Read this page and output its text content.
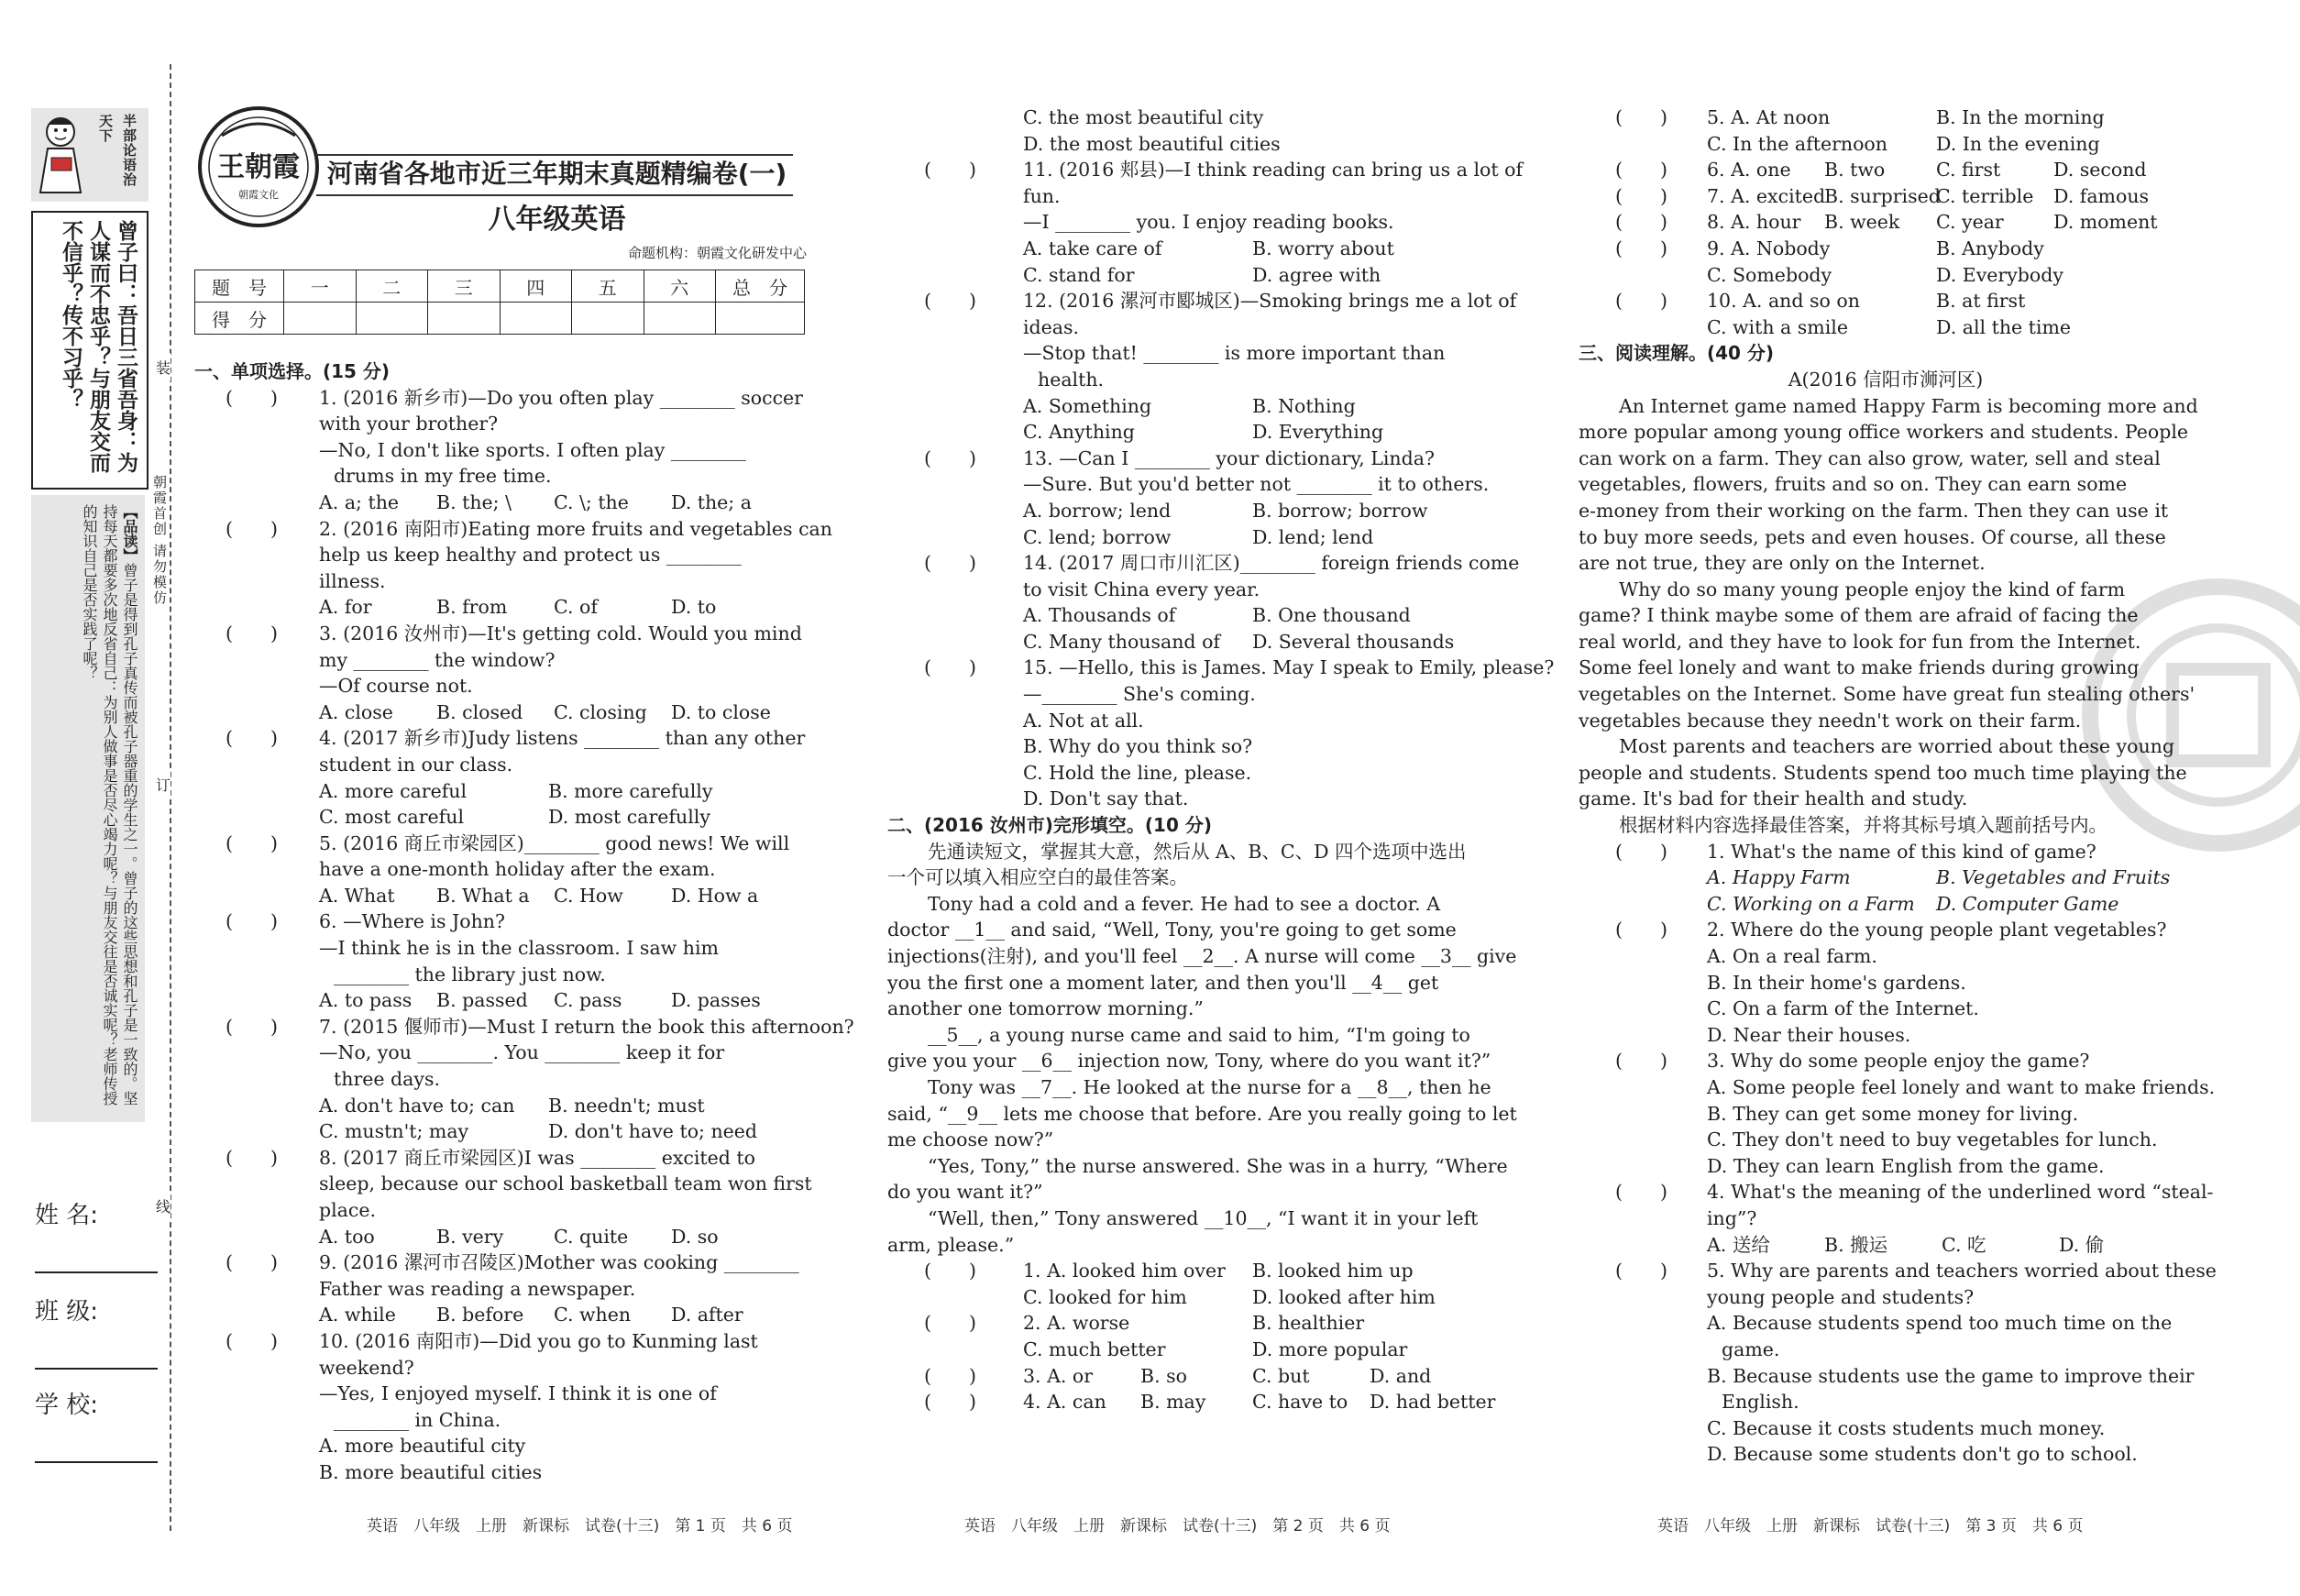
半部论语治天下
曾子曰：吾日三省吾身：为人谋而不忠乎？与朋友交而不信乎？传不习乎？
【品读】曾子是得到孔子真传而被孔子器重的学生之一。曾子的这些思想和孔子是一致的。坚持每天都要多次地反省自己：为别人做事是否尽心竭力呢？与朋友交往是否诚实呢？老师传授的知识自己是否实践了呢？
姓 名:
班 级:
学 校:
装
订
线
朝霞首创 请勿模仿
王朝霞
朝霞文化
河南省各地市近三年期末真题精编卷(一)
八年级英语
命题机构：朝霞文化研发中心
题　号	一	二	三	四	五	六	总　分
得　分							
一、单项选择。(15 分)
(　　) 1. (2016 新乡市)—Do you often play ________ soccer
with your brother?
—No, I don't like sports. I often play ________
drums in my free time.
A. a; the B. the; \ C. \; the D. the; a
(　　) 2. (2016 南阳市)Eating more fruits and vegetables can
help us keep healthy and protect us ________
illness.
A. for	B. from C. of	D. to
(　　) 3. (2016 汝州市)—It's getting cold. Would you mind
my ________ the window?
—Of course not.
A. close B. closed C. closing D. to close
(　　) 4. (2017 新乡市)Judy listens ________ than any other
student in our class.
A. more careful	B. more carefully
C. most careful	D. most carefully
(　　) 5. (2016 商丘市梁园区)________ good news! We will
have a one-month holiday after the exam.
A. What B. What a C. How	D. How a
(　　) 6. —Where is John?
—I think he is in the classroom. I saw him
________ the library just now.
A. to pass B. passed C. pass	D. passes
(　　) 7. (2015 偃师市)—Must I return the book this afternoon?
—No, you ________. You ________ keep it for
three days.
A. don't have to; can B. needn't; must
C. mustn't; may	D. don't have to; need
(　　) 8. (2017 商丘市梁园区)I was ________ excited to
sleep, because our school basketball team won first
place.
A. too	B. very	C. quite D. so
(　　) 9. (2016 漯河市召陵区)Mother was cooking ________
Father was reading a newspaper.
A. while B. before C. when D. after
(　　) 10. (2016 南阳市)—Did you go to Kunming last
weekend?
—Yes, I enjoyed myself. I think it is one of
________ in China.
A. more beautiful city
B. more beautiful cities
C. the most beautiful city
D. the most beautiful cities
(　　) 11. (2016 郏县)—I think reading can bring us a lot of
fun.
—I ________ you. I enjoy reading books.
A. take care of	B. worry about
C. stand for	D. agree with
(　　) 12. (2016 漯河市郾城区)—Smoking brings me a lot of
ideas.
—Stop that! ________ is more important than
health.
A. Something	B. Nothing
C. Anything	D. Everything
(　　) 13. —Can I ________ your dictionary, Linda?
—Sure. But you'd better not ________ it to others.
A. borrow; lend	B. borrow; borrow
C. lend; borrow	D. lend; lend
(　　) 14. (2017 周口市川汇区)________ foreign friends come
to visit China every year.
A. Thousands of	B. One thousand
C. Many thousand of D. Several thousands
(　　) 15. —Hello, this is James. May I speak to Emily, please?
—________ She's coming.
A. Not at all.
B. Why do you think so?
C. Hold the line, please.
D. Don't say that.
二、(2016 汝州市)完形填空。(10 分)
先通读短文，掌握其大意，然后从 A、B、C、D 四个选项中选出
一个可以填入相应空白的最佳答案。
Tony had a cold and a fever. He had to see a doctor. A
doctor __1__ and said, “Well, Tony, you're going to get some
injections(注射), and you'll feel __2__. A nurse will come __3__ give
you the first one a moment later, and then you'll __4__ get
another one tomorrow morning.”
__5__, a young nurse came and said to him, “I'm going to
give you your __6__ injection now, Tony, where do you want it?”
Tony was __7__. He looked at the nurse for a __8__, then he
said, “__9__ lets me choose that before. Are you really going to let
me choose now?”
“Yes, Tony,” the nurse answered. She was in a hurry, “Where
do you want it?”
“Well, then,” Tony answered __10__, “I want it in your left
arm, please.”
(　　) 1. A. looked him over B. looked him up
C. looked for him	D. looked after him
(　　) 2. A. worse	B. healthier
C. much better	D. more popular
(　　) 3. A. or	B. so	C. but	D. and
(　　) 4. A. can B. may C. have to D. had better
(　　) 5. A. At noon	B. In the morning
C. In the afternoon	D. In the evening
(　　) 6. A. one B. two	C. first	D. second
(　　) 7. A. excited
B. surprised
C. terrible D. famous
(　　) 8. A. hour B. week C. year	D. moment
(　　) 9. A. Nobody	B. Anybody
C. Somebody	D. Everybody
(　　) 10. A. and so on	B. at first
C. with a smile	D. all the time
三、阅读理解。(40 分)
A(2016 信阳市浉河区)
An Internet game named Happy Farm is becoming more and
more popular among young office workers and students. People
can work on a farm. They can also grow, water, sell and steal
vegetables, flowers, fruits and so on. They can earn some
e-money from their working on the farm. Then they can use it
to buy more seeds, pets and even houses. Of course, all these
are not true, they are only on the Internet.
Why do so many young people enjoy the kind of farm
game? I think maybe some of them are afraid of facing the
real world, and they have to look for fun from the Internet.
Some feel lonely and want to make friends during growing
vegetables on the Internet. Some have great fun stealing others'
vegetables because they needn't work on their farm.
Most parents and teachers are worried about these young
people and students. Students spend too much time playing the
game. It's bad for their health and study.
根据材料内容选择最佳答案，并将其标号填入题前括号内。
(　　) 1. What's the name of this kind of game?
A. Happy Farm	B. Vegetables and Fruits
C. Working on a Farm D. Computer Game
(　　) 2. Where do the young people plant vegetables?
A. On a real farm.
B. In their home's gardens.
C. On a farm of the Internet.
D. Near their houses.
(　　) 3. Why do some people enjoy the game?
A. Some people feel lonely and want to make friends.
B. They can get some money for living.
C. They don't need to buy vegetables for lunch.
D. They can learn English from the game.
(　　) 4. What's the meaning of the underlined word “steal-
ing”?
A. 送给	B. 搬运	C. 吃	D. 偷
(　　) 5. Why are parents and teachers worried about these
young people and students?
A. Because students spend too much time on the
game.
B. Because students use the game to improve their
English.
C. Because it costs students much money.
D. Because some students don't go to school.
英语　八年级　上册　新课标　试卷(十三)　第 1 页　共 6 页	英语　八年级　上册　新课标　试卷(十三)　第 2 页　共 6 页	英语　八年级　上册　新课标　试卷(十三)　第 3 页　共 6 页
